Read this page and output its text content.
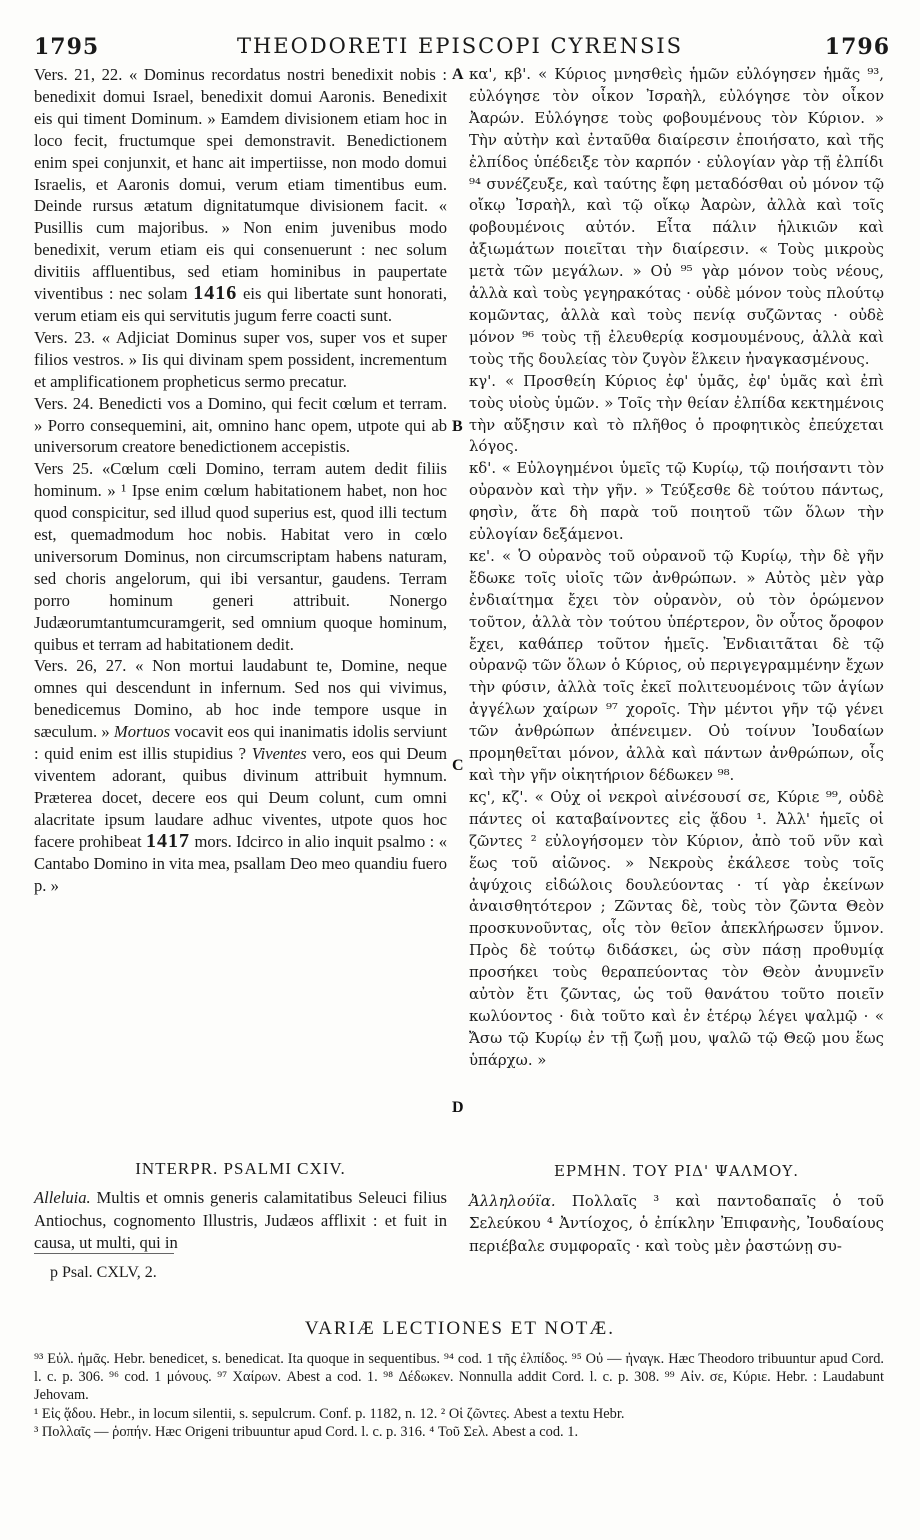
1795	THEODORETI EPISCOPI CYRENSIS	1796
A
B
C
D

Vers. 21, 22. « Dominus recordatus nostri benedixit nobis : benedixit domui Israel, benedixit domui Aaronis. Benedixit eis qui timent Dominum. » Eamdem divisionem etiam hoc in loco fecit, fructumque spei demonstravit. Benedictionem enim spei conjunxit, et hanc ait impertiisse, non modo domui Israelis, et Aaronis domui, verum etiam timentibus eum. Deinde rursus ætatum dignitatumque divisionem facit. « Pusillis cum majoribus. » Non enim juvenibus modo benedixit, verum etiam eis qui consenuerunt : nec solum divitiis affluentibus, sed etiam hominibus in paupertate viventibus : nec solam 1416 eis qui libertate sunt honorati, verum etiam eis qui servitutis jugum ferre coacti sunt.

Vers. 23. « Adjiciat Dominus super vos, super vos et super filios vestros. » Iis qui divinam spem possident, incrementum et amplificationem propheticus sermo precatur.

Vers. 24. Benedicti vos a Domino, qui fecit cœlum et terram. » Porro consequemini, ait, omnino hanc opem, utpote qui ab universorum creatore benedictionem accepistis.

Vers 25. «Cœlum cœli Domino, terram autem dedit filiis hominum. » ¹ Ipse enim cœlum habitationem habet, non hoc quod conspicitur, sed illud quod superius est, quod illi tectum est, quemadmodum hoc nobis. Habitat vero in cœlo universorum Dominus, non circumscriptam habens naturam, sed choris angelorum, qui ibi versantur, gaudens. Terram porro hominum generi attribuit. Nonergo Judæorumtantumcuramgerit, sed omnium quoque hominum, quibus et terram ad habitationem dedit.

Vers. 26, 27. « Non mortui laudabunt te, Domine, neque omnes qui descendunt in infernum. Sed nos qui vivimus, benedicemus Domino, ab hoc inde tempore usque in sæculum. » Mortuos vocavit eos qui inanimatis idolis serviunt : quid enim est illis stupidius ? Viventes vero, eos qui Deum viventem adorant, quibus divinum attribuit hymnum. Præterea docet, decere eos qui Deum colunt, cum omni alacritate ipsum laudare adhuc viventes, utpote quos hoc facere prohibeat 1417 mors. Idcirco in alio inquit psalmo : « Cantabo Domino in vita mea, psallam Deo meo quandiu fuero p. »

κα', κβ'. « Κύριος μνησθεὶς ἡμῶν εὐλόγησεν ἡμᾶς ⁹³, εὐλόγησε τὸν οἶκον Ἰσραὴλ, εὐλόγησε τὸν οἶκον Ἀαρών. Εὐλόγησε τοὺς φοβουμένους τὸν Κύριον. » Τὴν αὐτὴν καὶ ἐνταῦθα διαίρεσιν ἐποιήσατο, καὶ τῆς ἐλπίδος ὑπέδειξε τὸν καρπόν · εὐλογίαν γὰρ τῇ ἐλπίδι ⁹⁴ συνέζευξε, καὶ ταύτης ἔφη μεταδόσθαι οὐ μόνον τῷ οἴκῳ Ἰσραὴλ, καὶ τῷ οἴκῳ Ἀαρὼν, ἀλλὰ καὶ τοῖς φοβουμένοις αὐτόν. Εἶτα πάλιν ἡλικιῶν καὶ ἀξιωμάτων ποιεῖται τὴν διαίρεσιν. « Τοὺς μικροὺς μετὰ τῶν μεγάλων. » Οὐ ⁹⁵ γὰρ μόνον τοὺς νέους, ἀλλὰ καὶ τοὺς γεγηρακότας · οὐδὲ μόνον τοὺς πλούτῳ κομῶντας, ἀλλὰ καὶ τοὺς πενίᾳ συζῶντας · οὐδὲ μόνον ⁹⁶ τοὺς τῇ ἐλευθερίᾳ κοσμουμένους, ἀλλὰ καὶ τοὺς τῆς δουλείας τὸν ζυγὸν ἕλκειν ἠναγκασμένους.

κγ'. « Προσθείη Κύριος ἐφ' ὑμᾶς, ἐφ' ὑμᾶς καὶ ἐπὶ τοὺς υἱοὺς ὑμῶν. » Τοῖς τὴν θείαν ἐλπίδα κεκτημένοις τὴν αὔξησιν καὶ τὸ πλῆθος ὁ προφητικὸς ἐπεύχεται λόγος.

κδ'. « Εὐλογημένοι ὑμεῖς τῷ Κυρίῳ, τῷ ποιήσαντι τὸν οὐρανὸν καὶ τὴν γῆν. » Τεύξεσθε δὲ τούτου πάντως, φησὶν, ἅτε δὴ παρὰ τοῦ ποιητοῦ τῶν ὅλων τὴν εὐλογίαν δεξάμενοι.

κε'. « Ὁ οὐρανὸς τοῦ οὐρανοῦ τῷ Κυρίῳ, τὴν δὲ γῆν ἔδωκε τοῖς υἱοῖς τῶν ἀνθρώπων. » Αὐτὸς μὲν γὰρ ἐνδιαίτημα ἔχει τὸν οὐρανὸν, οὐ τὸν ὁρώμενον τοῦτον, ἀλλὰ τὸν τούτου ὑπέρτερον, ὃν οὗτος ὄροφον ἔχει, καθάπερ τοῦτον ἡμεῖς. Ἐνδιαιτᾶται δὲ τῷ οὐρανῷ τῶν ὅλων ὁ Κύριος, οὐ περιγεγραμμένην ἔχων τὴν φύσιν, ἀλλὰ τοῖς ἐκεῖ πολιτευομένοις τῶν ἁγίων ἀγγέλων χαίρων ⁹⁷ χοροῖς. Τὴν μέντοι γῆν τῷ γένει τῶν ἀνθρώπων ἀπένειμεν. Οὐ τοίνυν Ἰουδαίων προμηθεῖται μόνον, ἀλλὰ καὶ πάντων ἀνθρώπων, οἷς καὶ τὴν γῆν οἰκητήριον δέδωκεν ⁹⁸.

κς', κζ'. « Οὐχ οἱ νεκροὶ αἰνέσουσί σε, Κύριε ⁹⁹, οὐδὲ πάντες οἱ καταβαίνοντες εἰς ᾅδου ¹. Ἀλλ' ἡμεῖς οἱ ζῶντες ² εὐλογήσομεν τὸν Κύριον, ἀπὸ τοῦ νῦν καὶ ἕως τοῦ αἰῶνος. » Νεκροὺς ἐκάλεσε τοὺς τοῖς ἀψύχοις εἰδώλοις δουλεύοντας · τί γὰρ ἐκείνων ἀναισθητότερον ; Ζῶντας δὲ, τοὺς τὸν ζῶντα Θεὸν προσκυνοῦντας, οἷς τὸν θεῖον ἀπεκλήρωσεν ὕμνον. Πρὸς δὲ τούτῳ διδάσκει, ὡς σὺν πάσῃ προθυμίᾳ προσήκει τοὺς θεραπεύοντας τὸν Θεὸν ἀνυμνεῖν αὐτὸν ἔτι ζῶντας, ὡς τοῦ θανάτου τοῦτο ποιεῖν κωλύοντος · διὰ τοῦτο καὶ ἐν ἑτέρῳ λέγει ψαλμῷ · « Ἄσω τῷ Κυρίῳ ἐν τῇ ζωῇ μου, ψαλῶ τῷ Θεῷ μου ἕως ὑπάρχω. »

INTERPR. PSALMI CXIV.	ΕΡΜΗΝ. ΤΟΥ ΡΙΔ' ΨΑΛΜΟΥ.
Alleluia. Multis et omnis generis calamitatibus Seleuci filius Antiochus, cognomento Illustris, Judæos afflixit : et fuit in causa, ut multi, qui in
Ἀλληλούϊα. Πολλαῖς ³ καὶ παντοδαπαῖς ὁ τοῦ Σελεύκου ⁴ Ἀντίοχος, ὁ ἐπίκλην Ἐπιφανὴς, Ἰουδαίους περιέβαλε συμφοραῖς · καὶ τοὺς μὲν ῥαστώνῃ συ-
p Psal. CXLV, 2.
VARIÆ LECTIONES ET NOTÆ.

⁹³ Εὐλ. ἡμᾶς. Hebr. benedicet, s. benedicat. Ita quoque in sequentibus. ⁹⁴ cod. 1 τῆς ἐλπίδος. ⁹⁵ Οὐ — ἠναγκ. Hæc Theodoro tribuuntur apud Cord. l. c. p. 306. ⁹⁶ cod. 1 μόνους. ⁹⁷ Χαίρων. Abest a cod. 1. ⁹⁸ Δέδωκεν. Nonnulla addit Cord. l. c. p. 308. ⁹⁹ Αἰν. σε, Κύριε. Hebr. : Laudabunt Jehovam.

¹ Εἰς ᾅδου. Hebr., in locum silentii, s. sepulcrum. Conf. p. 1182, n. 12. ² Οἱ ζῶντες. Abest a textu Hebr.

³ Πολλαῖς — ῥοπήν. Hæc Origeni tribuuntur apud Cord. l. c. p. 316. ⁴ Τοῦ Σελ. Abest a cod. 1.
